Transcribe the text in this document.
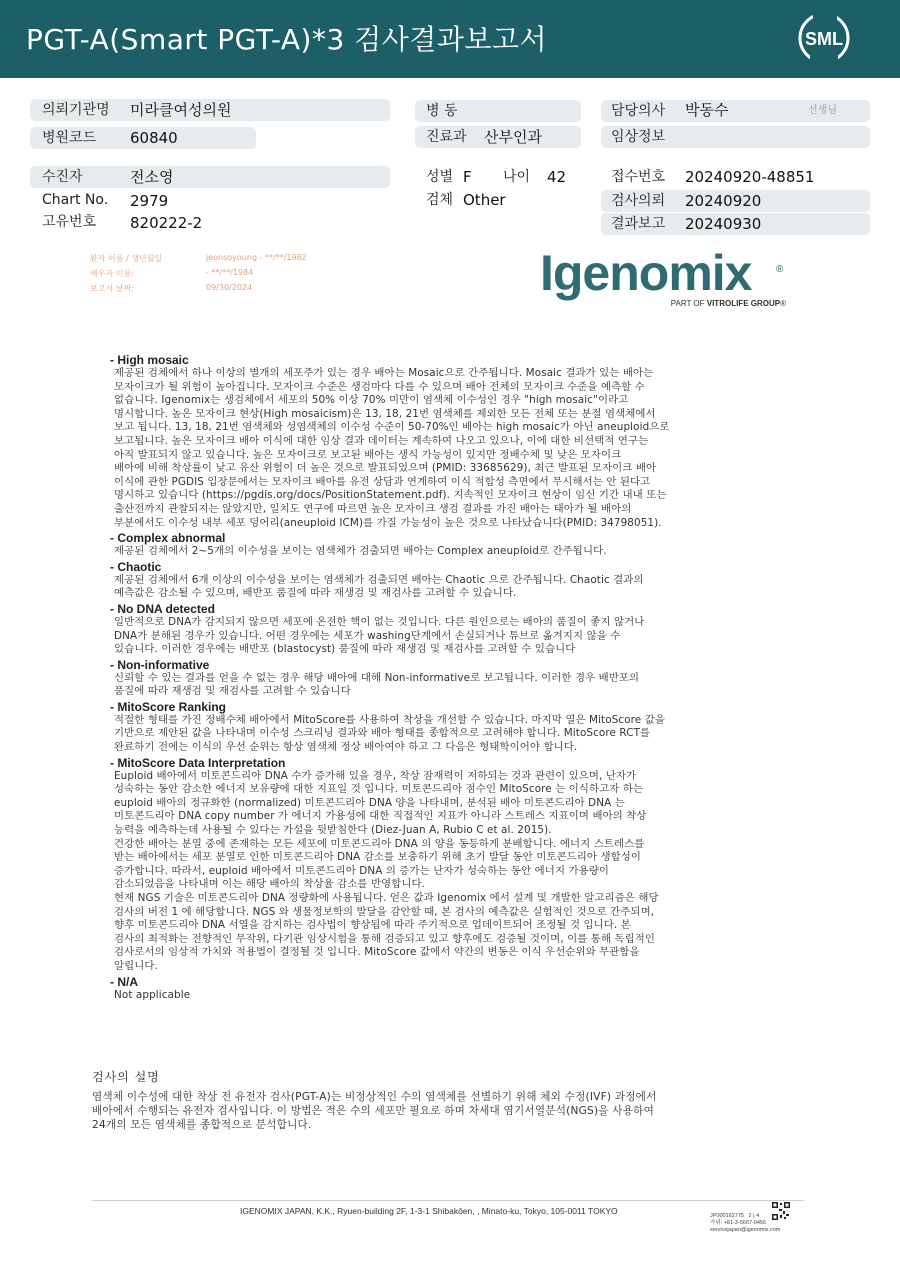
PGT-A(Smart PGT-A)*3 검사결과보고서	SML
의뢰기관명 미라클여성의원
병원코드 60840
병 동
진료과 산부인과
담당의사 박동수	선생님
임상정보
수진자	전소영
Chart No. 2979
고유번호 820222-2
성별 F 나이 42
검체 Other
접수번호 20240920-48851
검사의뢰 20240920
결과보고 20240930
환자 이름 / 생년월일	jeonsoyoung - **/**/1982
배우자 이름:	- **/**/1984
보고서 날짜:	09/30/2024	Igenomix ®
PART OF VITROLIFE GROUP®
- High mosaic
제공된 검체에서 하나 이상의 별개의 세포주가 있는 경우 배아는 Mosaic으로 간주됩니다. Mosaic 결과가 있는 배아는
모자이크가 될 위험이 높아집니다. 모자이크 수준은 생검마다 다를 수 있으며 배아 전체의 모자이크 수준을 예측할 수
없습니다. Igenomix는 생검체에서 세포의 50% 이상 70% 미만이 염색체 이수성인 경우 "high mosaic"이라고
명시합니다. 높은 모자이크 현상(High mosaicism)은 13, 18, 21번 염색체를 제외한 모든 전체 또는 분절 염색체에서
보고 됩니다. 13, 18, 21번 염색체와 성염색체의 이수성 수준이 50-70%인 배아는 high mosaic가 아닌 aneuploid으로
보고됩니다. 높은 모자이크 배아 이식에 대한 임상 결과 데이터는 계속하여 나오고 있으나, 이에 대한 비선택적 연구는
아직 발표되지 않고 있습니다. 높은 모자이크로 보고된 배아는 생식 가능성이 있지만 정배수체 및 낮은 모자이크
배아에 비해 착상률이 낮고 유산 위험이 더 높은 것으로 발표되었으며 (PMID: 33685629), 최근 발표된 모자이크 배아
이식에 관한 PGDIS 입장문에서는 모자이크 배아를 유전 상담과 연계하여 이식 적합성 측면에서 무시해서는 안 된다고
명시하고 있습니다 (https://pgdis.org/docs/PositionStatement.pdf). 지속적인 모자이크 현상이 임신 기간 내내 또는
출산전까지 관찰되지는 않았지만, 일치도 연구에 따르면 높은 모자이크 생검 결과를 가진 배아는 태아가 될 배아의
부분에서도 이수성 내부 세포 덩어리(aneuploid ICM)를 가질 가능성이 높은 것으로 나타났습니다(PMID: 34798051).
- Complex abnormal
제공된 검체에서 2~5개의 이수성을 보이는 염색체가 검출되면 배아는 Complex aneuploid로 간주됩니다.
- Chaotic
제공된 검체에서 6개 이상의 이수성을 보이는 염색체가 검출되면 배아는 Chaotic 으로 간주됩니다. Chaotic 결과의
예측값은 감소될 수 있으며, 배반포 품질에 따라 재생검 및 재검사를 고려할 수 있습니다.
- No DNA detected
일반적으로 DNA가 감지되지 않으면 세포에 온전한 핵이 없는 것입니다. 다른 원인으로는 배아의 품질이 좋지 않거나
DNA가 분해된 경우가 있습니다. 어떤 경우에는 세포가 washing단계에서 손실되거나 튜브로 옮겨지지 않을 수
있습니다. 이러한 경우에는 배반포 (blastocyst) 품질에 따라 재생검 및 재검사를 고려할 수 있습니다
- Non-informative
신뢰할 수 있는 결과를 얻을 수 없는 경우 해당 배아에 대해 Non-informative로 보고됩니다. 이러한 경우 배반포의
품질에 따라 재생검 및 재검사를 고려할 수 있습니다
- MitoScore Ranking
적절한 형태를 가진 정배수체 배아에서 MitoScore를 사용하여 착상을 개선할 수 있습니다. 마지막 열은 MitoScore 값을
기반으로 제안된 값을 나타내며 이수성 스크리닝 결과와 배아 형태를 종합적으로 고려해야 합니다. MitoScore RCT를
완료하기 전에는 이식의 우선 순위는 항상 염색체 정상 배아여야 하고 그 다음은 형태학이어야 합니다.
- MitoScore Data Interpretation
Euploid 배아에서 미토콘드리아 DNA 수가 증가해 있을 경우, 착상 잠재력이 저하되는 것과 관련이 있으며, 난자가
성숙하는 동안 감소한 에너지 보유량에 대한 지표일 것 입니다. 미토콘드리아 점수인 MitoScore 는 이식하고자 하는
euploid 배아의 정규화한 (normalized) 미토콘드리아 DNA 양을 나타내며, 분석된 배아 미토콘드리아 DNA 는
미토콘드리아 DNA copy number 가 에너지 가용성에 대한 직접적인 지표가 아니라 스트레스 지표이며 배아의 착상
능력을 예측하는데 사용될 수 있다는 가설을 뒷받침한다 (Diez-Juan A, Rubio C et al. 2015).
건강한 배아는 분열 중에 존재하는 모든 세포에 미토콘드리아 DNA 의 양을 동등하게 분배합니다. 에너지 스트레스를
받는 배아에서는 세포 분열로 인한 미토콘드리아 DNA 감소를 보충하기 위해 초기 발달 동안 미토콘드리아 생합성이
증가합니다. 따라서, euploid 배아에서 미토콘드리아 DNA 의 증가는 난자가 성숙하는 동안 에너지 가용량이
감소되었음을 나타내며 이는 해당 배아의 착상율 감소를 반영합니다.
현재 NGS 기술은 미토콘드리아 DNA 정량화에 사용됩니다. 얻은 값과 Igenomix 에서 설계 및 개발한 알고리즘은 해당
검사의 버전 1 에 해당합니다. NGS 와 생물정보학의 발달을 감안할 때, 본 검사의 예측값은 실험적인 것으로 간주되며,
향후 미토콘드리아 DNA 서열을 감지하는 검사법이 향상됨에 따라 주기적으로 업데이트되어 조정될 것 입니다. 본
검사의 최적화는 전향적인 무작위, 다기관 임상시험을 통해 검증되고 있고 향후에도 검증될 것이며, 이를 통해 독립적인
검사로서의 임상적 가치와 적용법이 결정될 것 입니다. MitoScore 값에서 약간의 변동은 이식 우선순위와 무관함을
알립니다.
- N/A
Not applicable
검사의 설명
염색체 이수성에 대한 착상 전 유전자 검사(PGT-A)는 비정상적인 수의 염색체를 선별하기 위해 체외 수정(IVF) 과정에서
배아에서 수행되는 유전자 검사입니다. 이 방법은 적은 수의 세포만 필요로 하며 차세대 염기서열분석(NGS)을 사용하여
24개의 모든 염색체를 종합적으로 분석합니다.
IGENOMIX JAPAN, K.K., Ryuen-building 2F, 1-3-1 Shibakōen, , Minato-ku, Tokyo, 105-0011 TOKYO	JP000162775 2 | 4
가위: +81-3-6667-0456
servicejapan@igenomix.com
